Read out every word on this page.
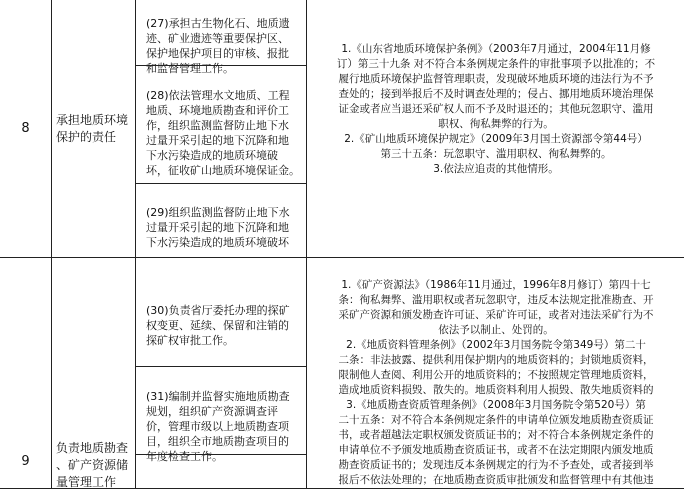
8
承担地质环境
保护的责任

(27)承担古生物化石、地质遗
迹、矿业遗迹等重要保护区、
保护地保护项目的审核、报批
和监督管理工作。

(28)依法管理水文地质、工程
地质、环境地质勘查和评价工
作，组织监测监督防止地下水
过量开采引起的地下沉降和地
下水污染造成的地质环境破
坏，征收矿山地质环境保证金。

(29)组织监测监督防止地下水
过量开采引起的地下沉降和地
下水污染造成的地质环境破坏

1.《山东省地质环境保护条例》（2003年7月通过，2004年11月修
订）第三十九条 对不符合本条例规定条件的审批事项予以批准的；不
履行地质环境保护监督管理职责，发现破坏地质环境的违法行为不予
查处的；接到举报后不及时调查处理的；侵占、挪用地质环境治理保
证金或者应当退还采矿权人而不予及时退还的；其他玩忽职守、滥用
职权、徇私舞弊的行为。
2.《矿山地质环境保护规定》（2009年3月国土资源部令第44号）
第三十五条：玩忽职守、滥用职权、徇私舞弊的。
3.依法应追责的其他情形。

9
负责地质勘查
、矿产资源储
量管理工作

(30)负责省厅委托办理的探矿
权变更、延续、保留和注销的
探矿权审批工作。

(31)编制并监督实施地质勘查
规划，组织矿产资源调查评
价，管理市级以上地质勘查项
目，组织全市地质勘查项目的
年度检查工作。

1.《矿产资源法》（1986年11月通过，1996年8月修订）第四十七
条：徇私舞弊、滥用职权或者玩忽职守，违反本法规定批准勘查、开
采矿产资源和颁发勘查许可证、采矿许可证，或者对违法采矿行为不
依法予以制止、处罚的。
2.《地质资料管理条例》（2002年3月国务院令第349号）第二十
二条：非法披露、提供利用保护期内的地质资料的；封锁地质资料，
限制他人查阅、利用公开的地质资料的；不按照规定管理地质资料，
造成地质资料损毁、散失的。地质资料利用人损毁、散失地质资料的
3.《地质勘查资质管理条例》（2008年3月国务院令第520号）第
二十五条：对不符合本条例规定条件的申请单位颁发地质勘查资质证
书，或者超越法定职权颁发资质证书的；对不符合本条例规定条件的
申请单位不予颁发地质勘查资质证书，或者不在法定期限内颁发地质
勘查资质证书的；发现违反本条例规定的行为不予查处，或者接到举
报后不依法处理的；在地质勘查资质审批颁发和监督管理中有其他违
